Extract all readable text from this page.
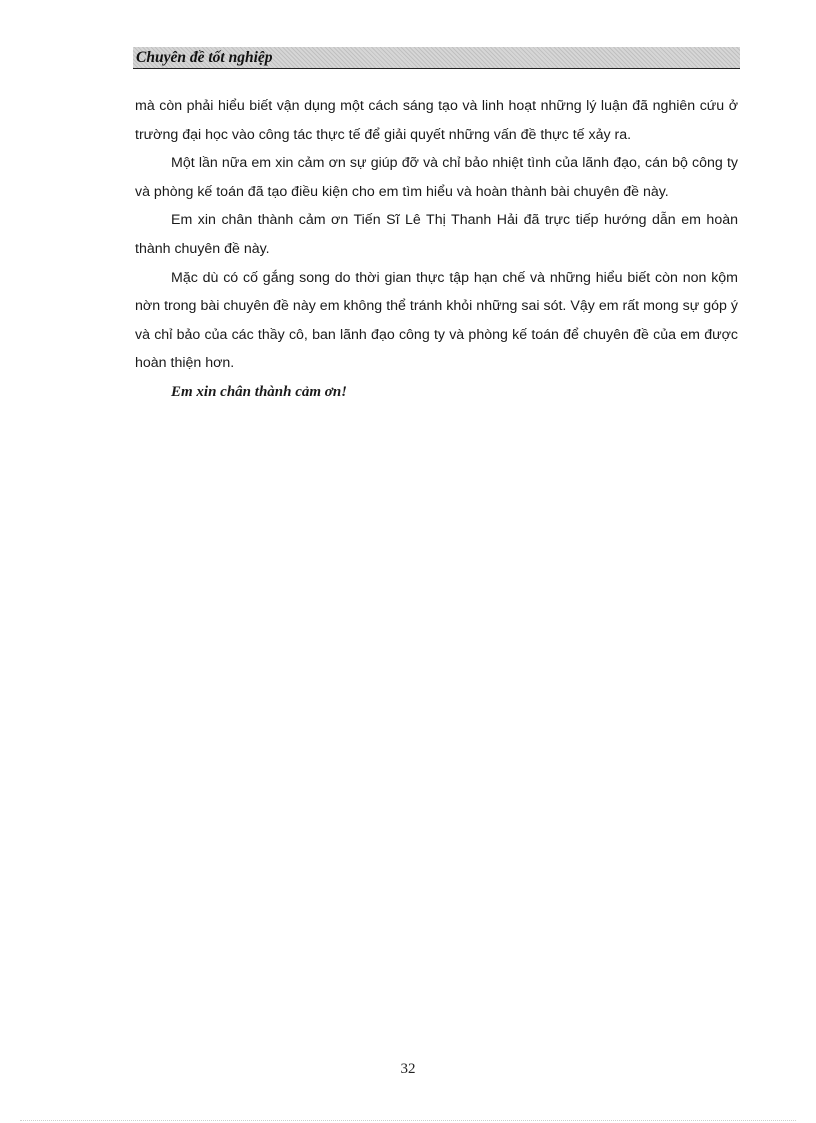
Chuyên đề tốt nghiệp

mà còn phải hiểu biết vận dụng một cách sáng tạo và linh hoạt những lý luận đã nghiên cứu ở trường đại học vào công tác thực tế để giải quyết những vấn đề thực tế xảy ra.

Một lần nữa em xin cảm ơn sự giúp đỡ và chỉ bảo nhiệt tình của lãnh đạo, cán bộ công ty và phòng kế toán đã tạo điều kiện cho em tìm hiểu và hoàn thành bài chuyên đề này.

Em xin chân thành cảm ơn Tiến Sĩ Lê Thị Thanh Hải đã trực tiếp hướng dẫn em hoàn thành chuyên đề này.

Mặc dù có cố gắng song do thời gian thực tập hạn chế và những hiểu biết còn non kộm nờn trong bài chuyên đề này em không thể tránh khỏi những sai sót. Vậy em rất mong sự góp ý và chỉ bảo của các thầy cô, ban lãnh đạo công ty và phòng kế toán để chuyên đề của em được hoàn thiện hơn.

Em xin chân thành cảm ơn!

32
